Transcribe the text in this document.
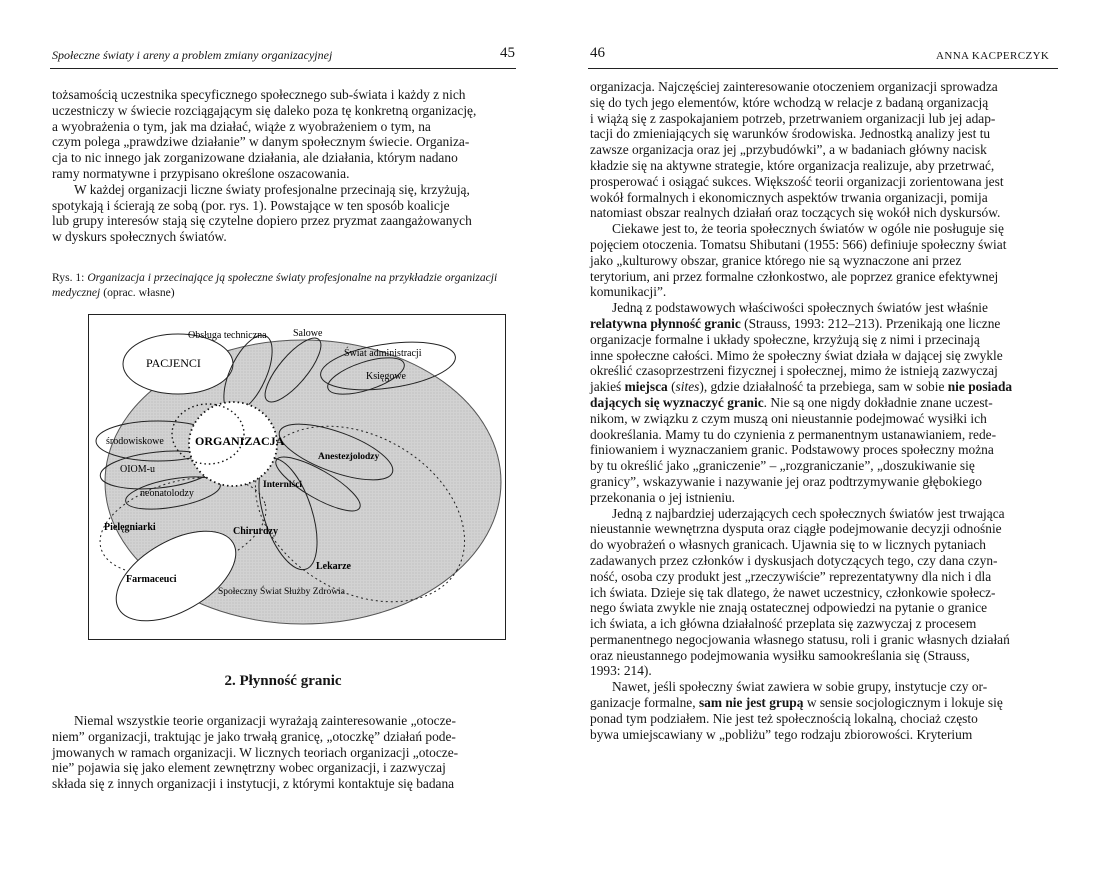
Społeczne światy i areny a problem zmiany organizacyjnej	45

tożsamością uczestnika specyficznego społecznego sub-świata i każdy z nich

uczestniczy w świecie rozciągającym się daleko poza tę konkretną organizację,

a wyobrażenia o tym, jak ma działać, wiąże z wyobrażeniem o tym, na

czym polega „prawdziwe działanie” w danym społecznym świecie. Organiza-

cja to nic innego jak zorganizowane działania, ale działania, którym nadano

ramy normatywne i przypisano określone oszacowania.

W każdej organizacji liczne światy profesjonalne przecinają się, krzyżują,

spotykają i ścierają ze sobą (por. rys. 1). Powstające w ten sposób koalicje

lub grupy interesów stają się czytelne dopiero przez pryzmat zaangażowanych

w dyskurs społecznych światów.

Rys. 1: Organizacja i przecinające ją społeczne światy profesjonalne na przykładzie organizacji medycznej (oprac. własne)
Obsługa techniczna	Salowe
Świat administracji
PACJENCI
Księgowe
środowiskowe	ORGANIZACJA
OIOM-u
Anestezjolodzy
neonatolodzy
Interniści
Pielęgniarki	Chirurdzy
Lekarze
Farmaceuci
Społeczny Świat Służby Zdrowia
2. Płynność granic

Niemal wszystkie teorie organizacji wyrażają zainteresowanie „otocze-

niem” organizacji, traktując je jako trwałą granicę, „otoczkę” działań pode-

jmowanych w ramach organizacji. W licznych teoriach organizacji „otocze-

nie” pojawia się jako element zewnętrzny wobec organizacji, i zazwyczaj

składa się z innych organizacji i instytucji, z którymi kontaktuje się badana

46	ANNA KACPERCZYK

organizacja. Najczęściej zainteresowanie otoczeniem organizacji sprowadza

się do tych jego elementów, które wchodzą w relacje z badaną organizacją

i wiążą się z zaspokajaniem potrzeb, przetrwaniem organizacji lub jej adap-

tacji do zmieniających się warunków środowiska. Jednostką analizy jest tu

zawsze organizacja oraz jej „przybudówki”, a w badaniach główny nacisk

kładzie się na aktywne strategie, które organizacja realizuje, aby przetrwać,

prosperować i osiągać sukces. Większość teorii organizacji zorientowana jest

wokół formalnych i ekonomicznych aspektów trwania organizacji, pomija

natomiast obszar realnych działań oraz toczących się wokół nich dyskursów.

Ciekawe jest to, że teoria społecznych światów w ogóle nie posługuje się

pojęciem otoczenia. Tomatsu Shibutani (1955: 566) definiuje społeczny świat

jako „kulturowy obszar, granice którego nie są wyznaczone ani przez

terytorium, ani przez formalne członkostwo, ale poprzez granice efektywnej

komunikacji”.

Jedną z podstawowych właściwości społecznych światów jest właśnie

relatywna płynność granic (Strauss, 1993: 212–213). Przenikają one liczne

organizacje formalne i układy społeczne, krzyżują się z nimi i przecinają

inne społeczne całości. Mimo że społeczny świat działa w dającej się zwykle

określić czasoprzestrzeni fizycznej i społecznej, mimo że istnieją zazwyczaj

jakieś miejsca (sites), gdzie działalność ta przebiega, sam w sobie nie posiada

dających się wyznaczyć granic. Nie są one nigdy dokładnie znane uczest-

nikom, w związku z czym muszą oni nieustannie podejmować wysiłki ich

dookreślania. Mamy tu do czynienia z permanentnym ustanawianiem, rede-

finiowaniem i wyznaczaniem granic. Podstawowy proces społeczny można

by tu określić jako „graniczenie” – „rozgraniczanie”, „doszukiwanie się

granicy”, wskazywanie i nazywanie jej oraz podtrzymywanie głębokiego

przekonania o jej istnieniu.

Jedną z najbardziej uderzających cech społecznych światów jest trwająca

nieustannie wewnętrzna dysputa oraz ciągłe podejmowanie decyzji odnośnie

do wyobrażeń o własnych granicach. Ujawnia się to w licznych pytaniach

zadawanych przez członków i dyskusjach dotyczących tego, czy dana czyn-

ność, osoba czy produkt jest „rzeczywiście” reprezentatywny dla nich i dla

ich świata. Dzieje się tak dlatego, że nawet uczestnicy, członkowie społecz-

nego świata zwykle nie znają ostatecznej odpowiedzi na pytanie o granice

ich świata, a ich główna działalność przeplata się zazwyczaj z procesem

permanentnego negocjowania własnego statusu, roli i granic własnych działań

oraz nieustannego podejmowania wysiłku samookreślania się (Strauss,

1993: 214).

Nawet, jeśli społeczny świat zawiera w sobie grupy, instytucje czy or-

ganizacje formalne, sam nie jest grupą w sensie socjologicznym i lokuje się

ponad tym podziałem. Nie jest też społecznością lokalną, chociaż często

bywa umiejscawiany w „pobliżu” tego rodzaju zbiorowości. Kryterium
